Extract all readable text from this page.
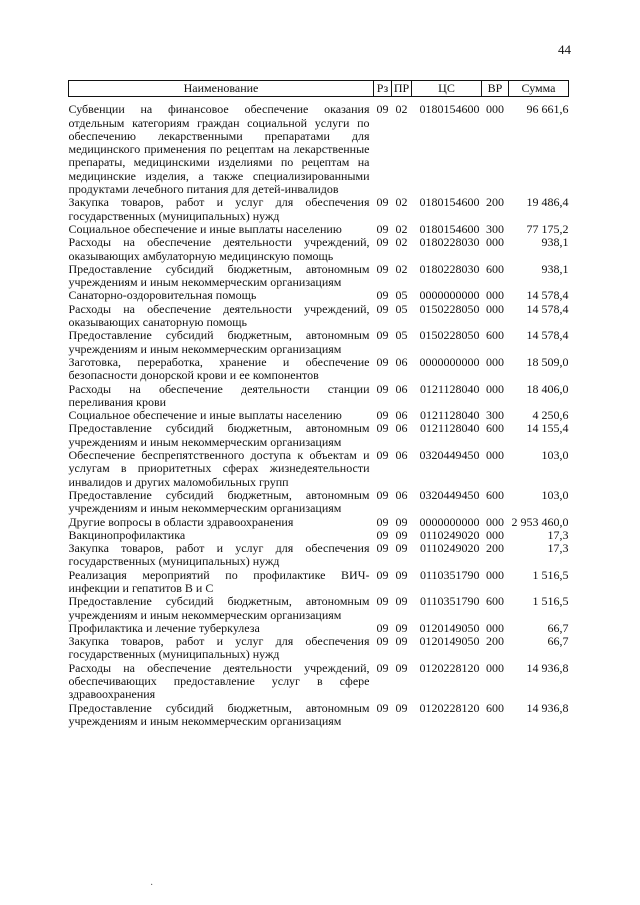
44
Наименование	Рз	ПР	ЦС	ВР	Сумма

Субвенции на финансовое обеспечение оказания отдельным категориям граждан социальной услуги по обеспечению лекарственными препаратами для медицинского применения по рецептам на лекарственные препараты, медицинскими изделиями по рецептам на медицинские изделия, а также специализированными продуктами лечебного питания для детей-инвалидов	09	02	0180154600	000	96 661,6
Закупка товаров, работ и услуг для обеспечения государственных (муниципальных) нужд	09	02	0180154600	200	19 486,4
Социальное обеспечение и иные выплаты населению	09	02	0180154600	300	77 175,2
Расходы на обеспечение деятельности учреждений, оказывающих амбулаторную медицинскую помощь	09	02	0180228030	000	938,1
Предоставление субсидий бюджетным, автономным учреждениям и иным некоммерческим организациям	09	02	0180228030	600	938,1
Санаторно-оздоровительная помощь	09	05	0000000000	000	14 578,4
Расходы на обеспечение деятельности учреждений, оказывающих санаторную помощь	09	05	0150228050	000	14 578,4
Предоставление субсидий бюджетным, автономным учреждениям и иным некоммерческим организациям	09	05	0150228050	600	14 578,4
Заготовка, переработка, хранение и обеспечение безопасности донорской крови и ее компонентов	09	06	0000000000	000	18 509,0
Расходы на обеспечение деятельности станции переливания крови	09	06	0121128040	000	18 406,0
Социальное обеспечение и иные выплаты населению	09	06	0121128040	300	4 250,6
Предоставление субсидий бюджетным, автономным учреждениям и иным некоммерческим организациям	09	06	0121128040	600	14 155,4
Обеспечение беспрепятственного доступа к объектам и услугам в приоритетных сферах жизнедеятельности инвалидов и других маломобильных групп	09	06	0320449450	000	103,0
Предоставление субсидий бюджетным, автономным учреждениям и иным некоммерческим организациям	09	06	0320449450	600	103,0
Другие вопросы в области здравоохранения	09	09	0000000000	000	2 953 460,0
Вакцинопрофилактика	09	09	0110249020	000	17,3
Закупка товаров, работ и услуг для обеспечения государственных (муниципальных) нужд	09	09	0110249020	200	17,3
Реализация мероприятий по профилактике ВИЧ-инфекции и гепатитов В и С	09	09	0110351790	000	1 516,5
Предоставление субсидий бюджетным, автономным учреждениям и иным некоммерческим организациям	09	09	0110351790	600	1 516,5
Профилактика и лечение туберкулеза	09	09	0120149050	000	66,7
Закупка товаров, работ и услуг для обеспечения государственных (муниципальных) нужд	09	09	0120149050	200	66,7
Расходы на обеспечение деятельности учреждений, обеспечивающих предоставление услуг в сфере здравоохранения	09	09	0120228120	000	14 936,8
Предоставление субсидий бюджетным, автономным учреждениям и иным некоммерческим организациям	09	09	0120228120	600	14 936,8
·
